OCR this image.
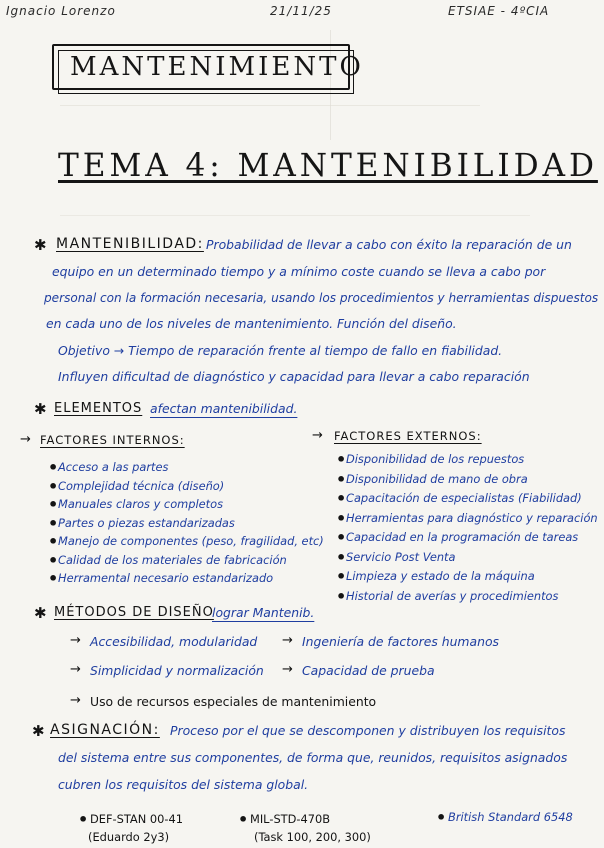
Ignacio Lorenzo	21/11/25	ETSIAE - 4ºCIA
MANTENIMIENTO
TEMA 4: MANTENIBILIDAD
✱ MANTENIBILIDAD: Probabilidad de llevar a cabo con éxito la reparación de un
equipo en un determinado tiempo y a mínimo coste cuando se lleva a cabo por
personal con la formación necesaria, usando los procedimientos y herramientas dispuestos
en cada uno de los niveles de mantenimiento. Función del diseño.
Objetivo → Tiempo de reparación frente al tiempo de fallo en fiabilidad.
Influyen dificultad de diagnóstico y capacidad para llevar a cabo reparación
✱ ELEMENTOS afectan mantenibilidad.
→ FACTORES INTERNOS:	→ FACTORES EXTERNOS:
• Acceso a las partes
• Complejidad técnica (diseño)
• Manuales claros y completos
• Partes o piezas estandarizadas
• Manejo de componentes (peso, fragilidad, etc)
• Calidad de los materiales de fabricación
• Herramental necesario estandarizado
• Disponibilidad de los repuestos
• Disponibilidad de mano de obra
• Capacitación de especialistas (Fiabilidad)
• Herramientas para diagnóstico y reparación
• Capacidad en la programación de tareas
• Servicio Post Venta
• Limpieza y estado de la máquina
• Historial de averías y procedimientos
✱ MÉTODOS DE DISEÑO
lograr Mantenib.
→ Accesibilidad, modularidad → Ingeniería de factores humanos
→ Simplicidad y normalización → Capacidad de prueba
→ Uso de recursos especiales de mantenimiento
✱ ASIGNACIÓN: Proceso por el que se descomponen y distribuyen los requisitos
del sistema entre sus componentes, de forma que, reunidos, requisitos asignados
cubren los requisitos del sistema global.
• DEF-STAN 00-41
(Eduardo 2y3)
• MIL-STD-470B
(Task 100, 200, 300)
• British Standard 6548
